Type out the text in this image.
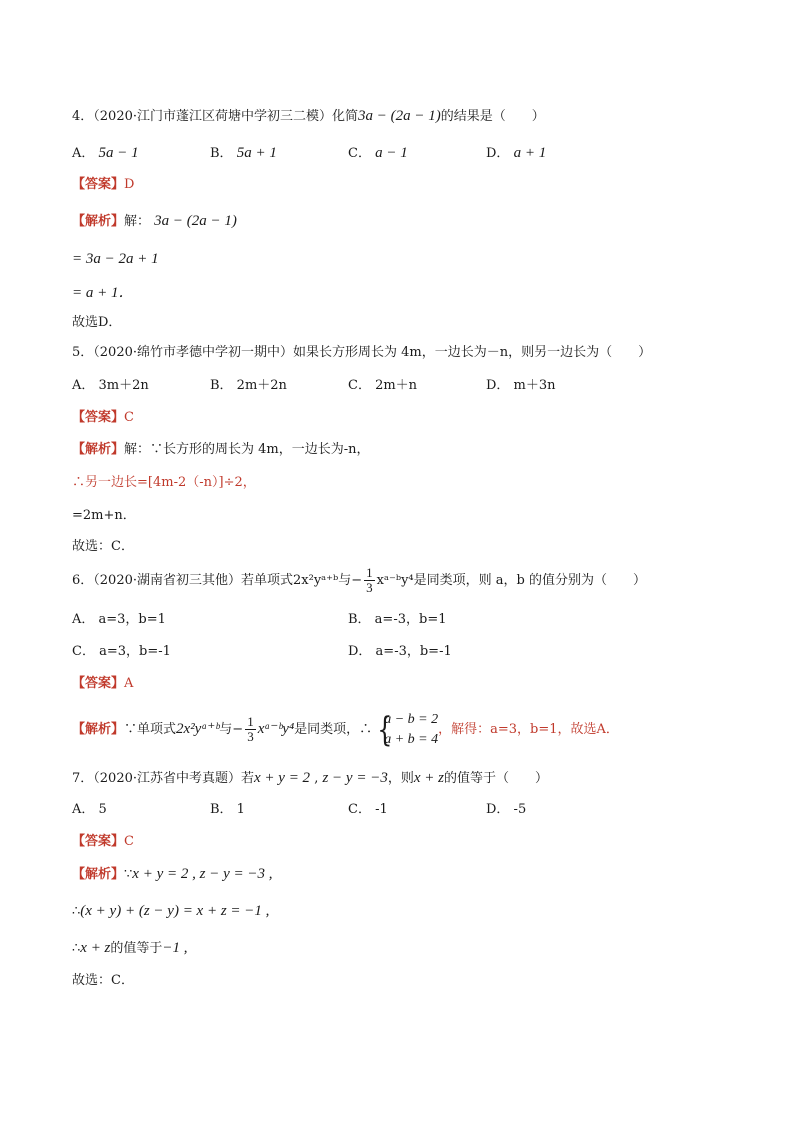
4．（2020·江门市蓬江区荷塘中学初三二模）化简3a − (2a − 1)的结果是（　　）
A． 5a − 1	B． 5a + 1	C． a − 1	D． a + 1
【答案】D
【解析】解： 3a − (2a − 1)
= 3a − 2a + 1
= a + 1．
故选D．
5．（2020·绵竹市孝德中学初一期中）如果长方形周长为 4m，一边长为－n，则另一边长为（　　）
A． 3m＋2n	B． 2m＋2n	C． 2m＋n	D． m＋3n
【答案】C
【解析】解：∵长方形的周长为 4m，一边长为-n，
∴另一边长=[4m-2（-n）]÷2，
=2m+n．
故选：C．
6．（2020·湖南省初三其他）若单项式2x²yᵃ⁺ᵇ与− $\frac{1}{3}$ xᵃ⁻ᵇy⁴是同类项，则 a，b 的值分别为（　　）
A． a=3，b=1	B． a=-3，b=1
C． a=3，b=-1	D． a=-3，b=-1
【答案】A
【解析】∵单项式2x²yᵃ⁺ᵇ与− $\frac{1}{3}$ xᵃ⁻ᵇy⁴是同类项，∴ {
a − b = 2
a + b = 4
，解得：a=3，b=1，故选A．
7．（2020·江苏省中考真题）若x + y = 2 , z − y = −3，则x + z的值等于（　　）
A． 5	B． 1	C． -1	D． -5
【答案】C
【解析】∵x + y = 2 , z − y = −3 ,
∴(x + y) + (z − y) = x + z = −1 ,
∴x + z的值等于−1 ,
故选：C．
